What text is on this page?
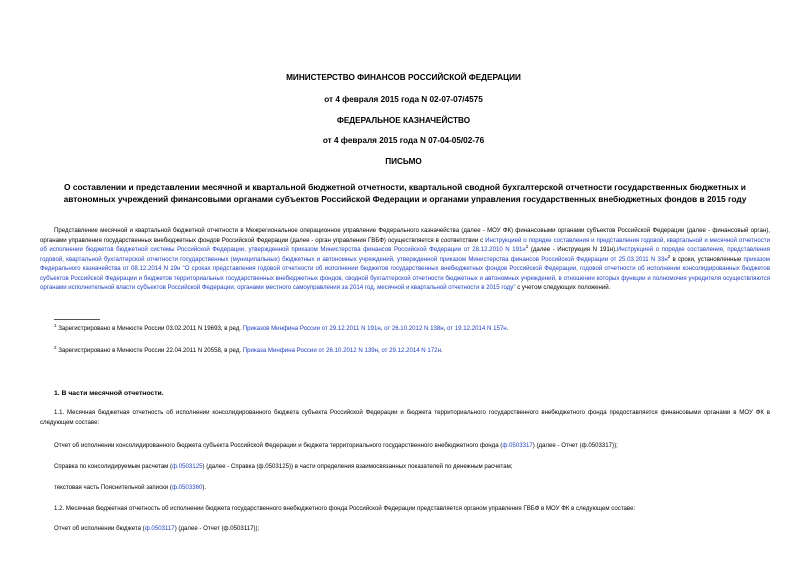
МИНИСТЕРСТВО ФИНАНСОВ РОССИЙСКОЙ ФЕДЕРАЦИИ
от 4 февраля 2015 года N 02-07-07/4575
ФЕДЕРАЛЬНОЕ КАЗНАЧЕЙСТВО
от 4 февраля 2015 года N 07-04-05/02-76
ПИСЬМО
О составлении и представлении месячной и квартальной бюджетной отчетности, квартальной сводной бухгалтерской отчетности государственных бюджетных и
автономных учреждений финансовыми органами субъектов Российской Федерации и органами управления государственных внебюджетных фондов в 2015 году
Представление месячной и квартальной бюджетной отчетности в Межрегиональное операционное управление Федерального казначейства (далее - МОУ ФК) финансовыми органами субъектов Российской Федерации (далее - финансовый орган), органами управления государственных внебюджетных фондов Российской Федерации (далее - орган управления ГВБФ) осуществляется в соответствии с Инструкцией о порядке составления и представления годовой, квартальной и месячной отчетности об исполнении бюджетов бюджетной системы Российской Федерации, утвержденной приказом Министерства финансов Российской Федерации от 28.12.2010 N $191н^1$ (далее - Инструкция N 191н),Инструкцией о порядке составления, представления годовой, квартальной бухгалтерской отчетности государственных (муниципальных) бюджетных и автономных учреждений, утвержденной приказом Министерства финансов Российской Федерации от 25.03.2011 N $33н^2$ в сроки, установленные приказом Федерального казначейства от 08.12.2014 N 19н "О сроках представления годовой отчетности об исполнении бюджетов государственных внебюджетных фондов Российской Федерации, годовой отчетности об исполнении консолидированных бюджетов субъектов Российской Федерации и бюджетов территориальных государственных внебюджетных фондов, сводной бухгалтерской отчетности бюджетных и автономных учреждений, в отношении которых функции и полномочия учредителя осуществляются органами исполнительной власти субъектов Российской Федерации, органами местного самоуправления за 2014 год, месячной и квартальной отчетности в 2015 году" с учетом следующих положений.
$^1$ Зарегистрировано в Минюсте России 03.02.2011 N 19693, в ред. Приказов Минфина России от 29.12.2011 N 191н, от 26.10.2012 N 138н, от 19.12.2014 N 157н.
$^2$ Зарегистрировано в Минюсте России 22.04.2011 N 20558, в ред. Приказа Минфина России от 26.10.2012 N 139н, от 29.12.2014 N 172н.
1. В части месячной отчетности.
1.1. Месячная бюджетная отчетность об исполнении консолидированного бюджета субъекта Российской Федерации и бюджета территориального государственного внебюджетного фонда предоставляется финансовыми органами в МОУ ФК в следующем составе:
Отчет об исполнении консолидированного бюджета субъекта Российской Федерации и бюджета территориального государственного внебюджетного фонда (ф.0503317) (далее - Отчет (ф.0503317));
Справка по консолидируемым расчетам (ф.0503125) (далее - Справка (ф.0503125)) в части определения взаимосвязанных показателей по денежным расчетам;
текстовая часть Пояснительной записки (ф.0503360).
1.2. Месячная бюджетная отчетность об исполнении бюджета государственного внебюджетного фонда Российской Федерации представляется органом управления ГВБФ в МОУ ФК в следующем составе:
Отчет об исполнении бюджета (ф.0503117) (далее - Отчет (ф.0503117));
